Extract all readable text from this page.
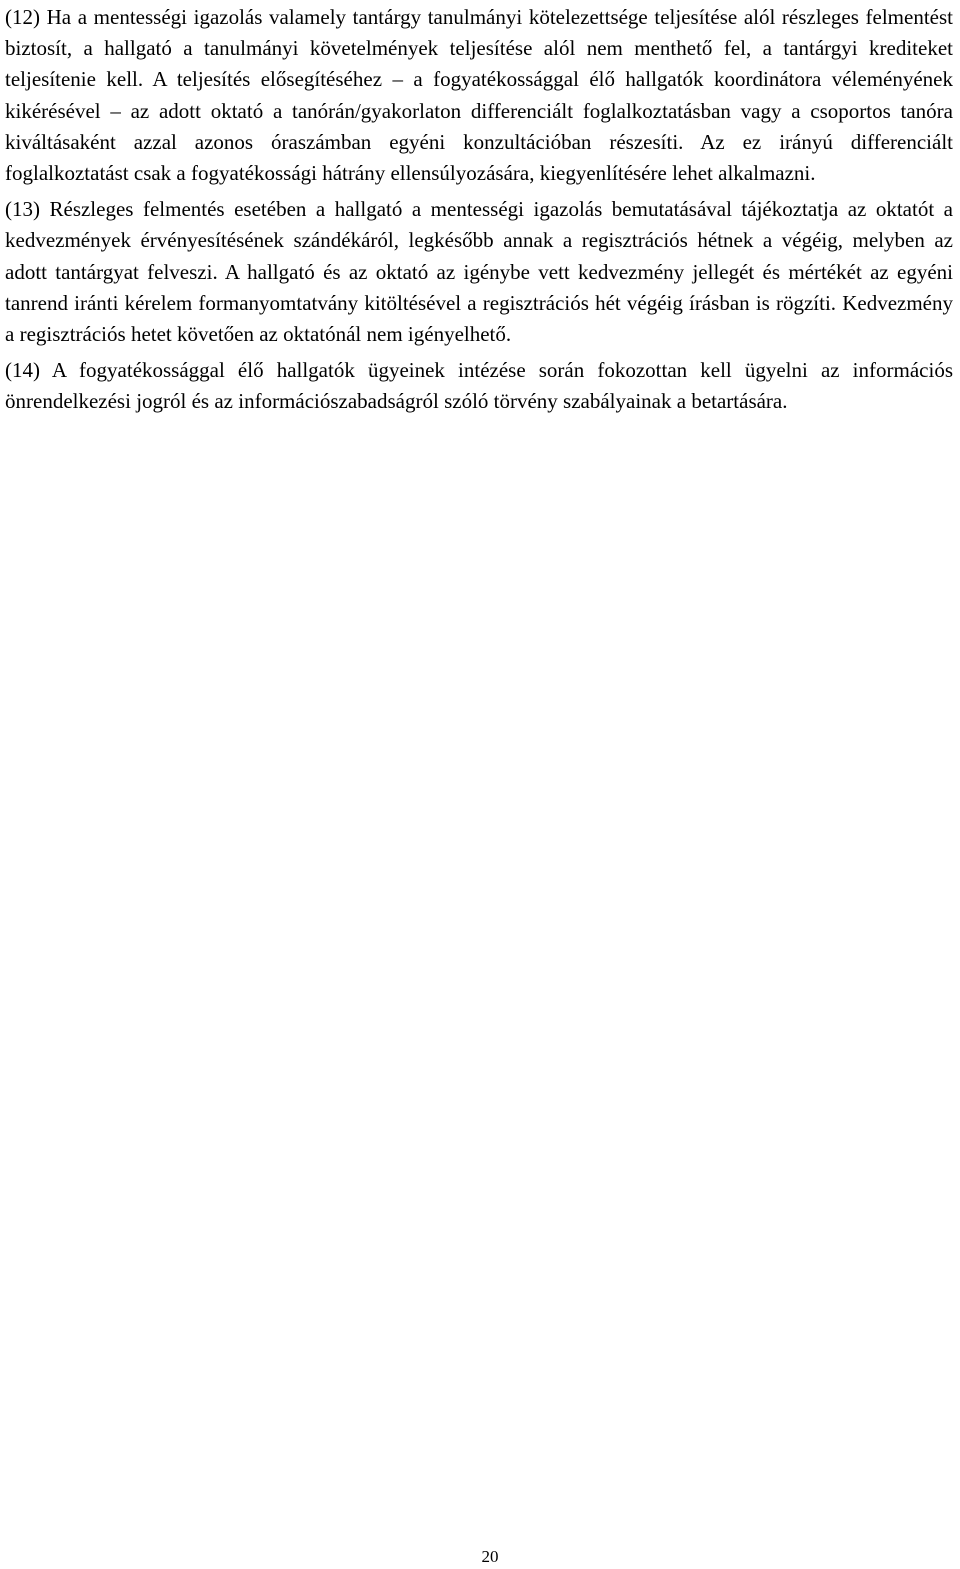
(12) Ha a mentességi igazolás valamely tantárgy tanulmányi kötelezettsége teljesítése alól részleges felmentést biztosít, a hallgató a tanulmányi követelmények teljesítése alól nem menthető fel, a tantárgyi krediteket teljesítenie kell. A teljesítés elősegítéséhez – a fogyatékossággal élő hallgatók koordinátora véleményének kikérésével – az adott oktató a tanórán/gyakorlaton differenciált foglalkoztatásban vagy a csoportos tanóra kiváltásaként azzal azonos óraszámban egyéni konzultációban részesíti. Az ez irányú differenciált foglalkoztatást csak a fogyatékossági hátrány ellensúlyozására, kiegyenlítésére lehet alkalmazni.

(13) Részleges felmentés esetében a hallgató a mentességi igazolás bemutatásával tájékoztatja az oktatót a kedvezmények érvényesítésének szándékáról, legkésőbb annak a regisztrációs hétnek a végéig, melyben az adott tantárgyat felveszi. A hallgató és az oktató az igénybe vett kedvezmény jellegét és mértékét az egyéni tanrend iránti kérelem formanyomtatvány kitöltésével a regisztrációs hét végéig írásban is rögzíti. Kedvezmény a regisztrációs hetet követően az oktatónál nem igényelhető.

(14) A fogyatékossággal élő hallgatók ügyeinek intézése során fokozottan kell ügyelni az információs önrendelkezési jogról és az információszabadságról szóló törvény szabályainak a betartására.

20
